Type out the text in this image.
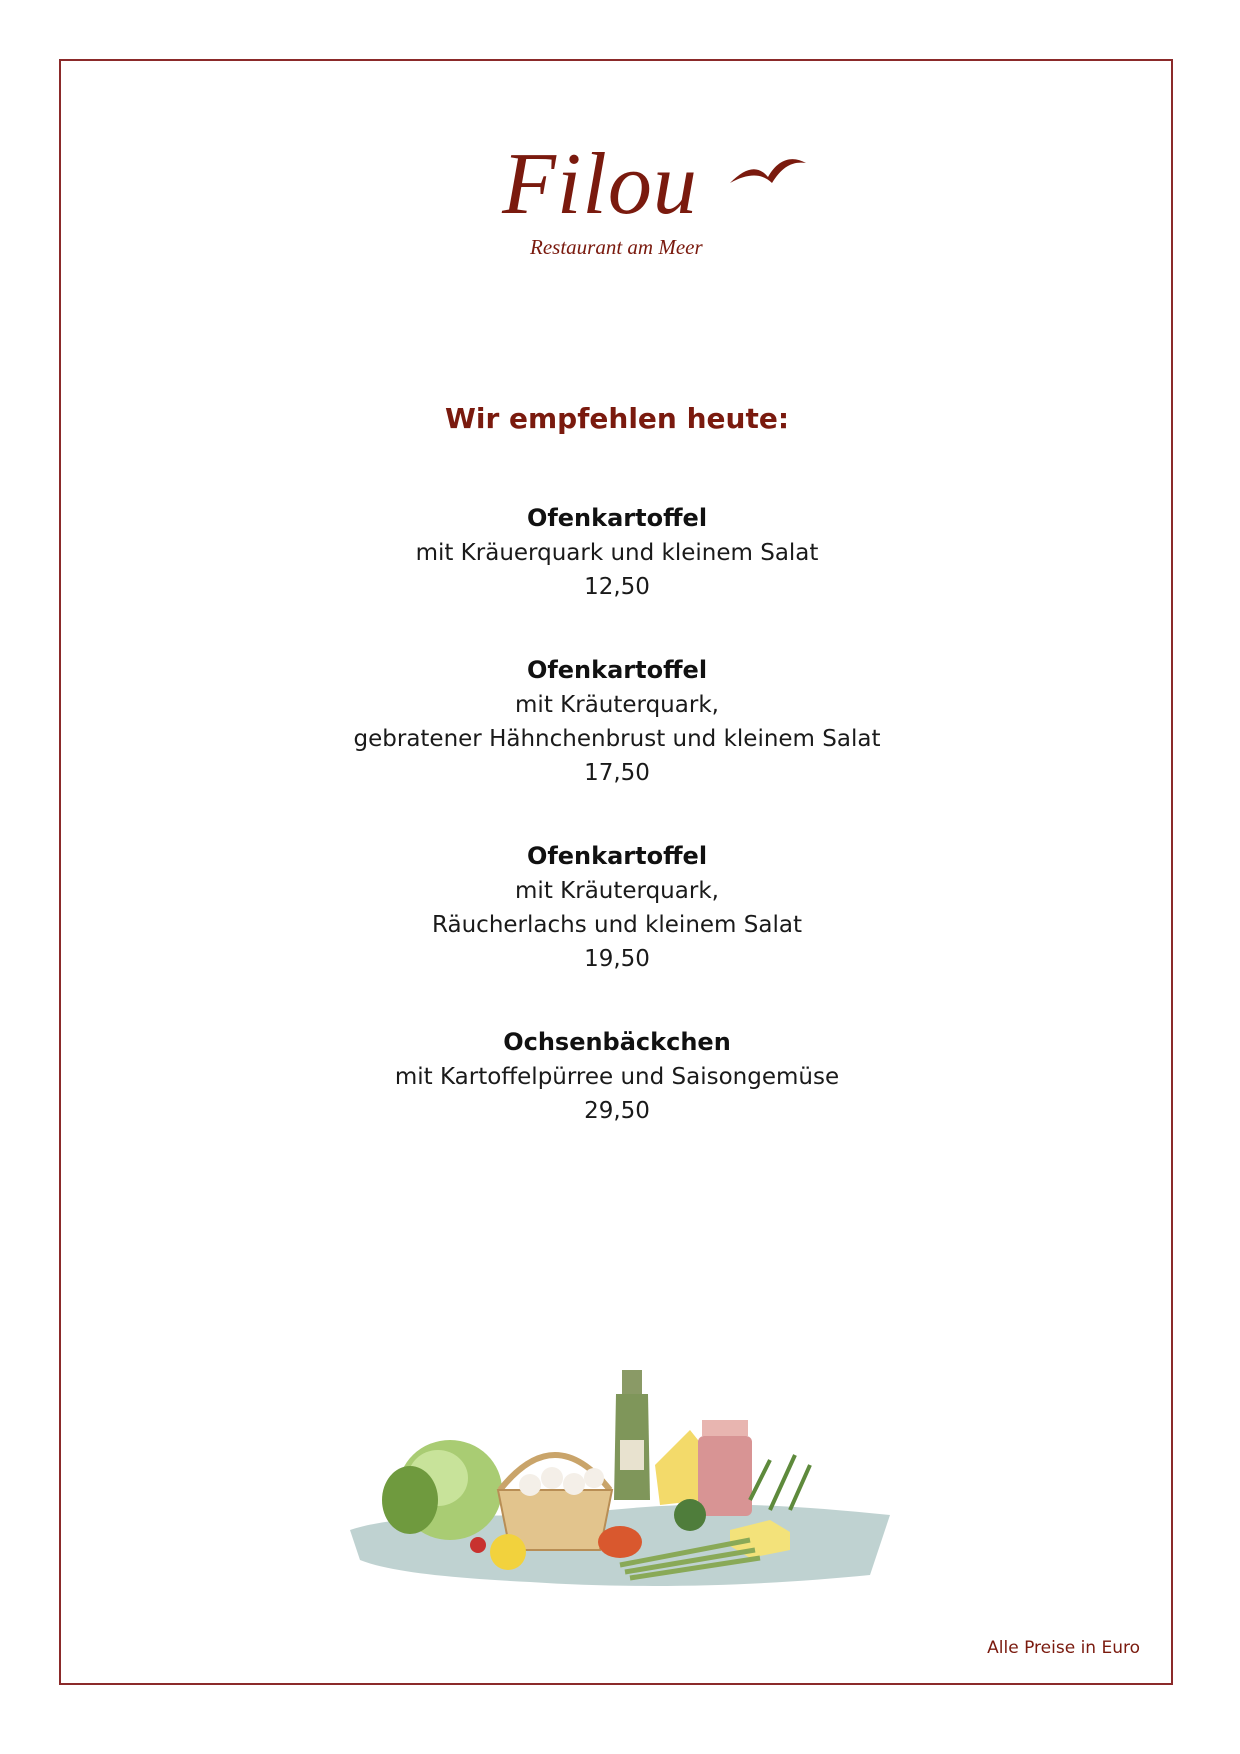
Filou
Restaurant am Meer
Wir empfehlen heute:
Ofenkartoffel
mit Kräuerquark und kleinem Salat
12,50
Ofenkartoffel
mit Kräuterquark,
gebratener Hähnchenbrust und kleinem Salat
17,50
Ofenkartoffel
mit Kräuterquark,
Räucherlachs und kleinem Salat
19,50
Ochsenbäckchen
mit Kartoffelpürree und Saisongemüse
29,50
Alle Preise in Euro
